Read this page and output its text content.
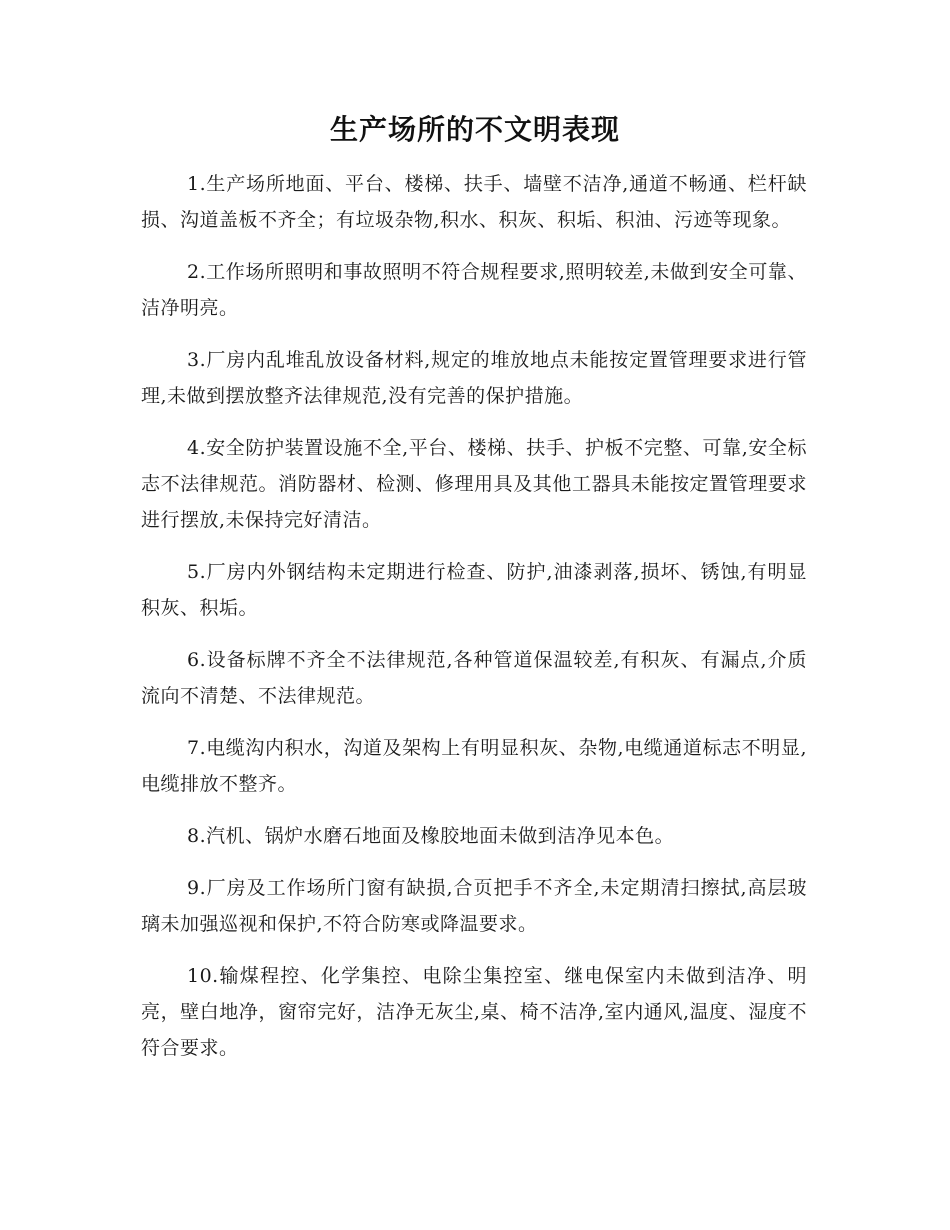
生产场所的不文明表现

1.生产场所地面、平台、楼梯、扶手、墙壁不洁净,通道不畅通、栏杆缺损、沟道盖板不齐全；有垃圾杂物,积水、积灰、积垢、积油、污迹等现象。

2.工作场所照明和事故照明不符合规程要求,照明较差,未做到安全可靠、洁净明亮。

3.厂房内乱堆乱放设备材料,规定的堆放地点未能按定置管理要求进行管理,未做到摆放整齐法律规范,没有完善的保护措施。

4.安全防护装置设施不全,平台、楼梯、扶手、护板不完整、可靠,安全标志不法律规范。消防器材、检测、修理用具及其他工器具未能按定置管理要求进行摆放,未保持完好清洁。

5.厂房内外钢结构未定期进行检查、防护,油漆剥落,损坏、锈蚀,有明显积灰、积垢。

6.设备标牌不齐全不法律规范,各种管道保温较差,有积灰、有漏点,介质流向不清楚、不法律规范。

7.电缆沟内积水，沟道及架构上有明显积灰、杂物,电缆通道标志不明显,电缆排放不整齐。

8.汽机、锅炉水磨石地面及橡胶地面未做到洁净见本色。

9.厂房及工作场所门窗有缺损,合页把手不齐全,未定期清扫擦拭,高层玻璃未加强巡视和保护,不符合防寒或降温要求。

10.输煤程控、化学集控、电除尘集控室、继电保室内未做到洁净、明亮，壁白地净，窗帘完好，洁净无灰尘,桌、椅不洁净,室内通风,温度、湿度不符合要求。
